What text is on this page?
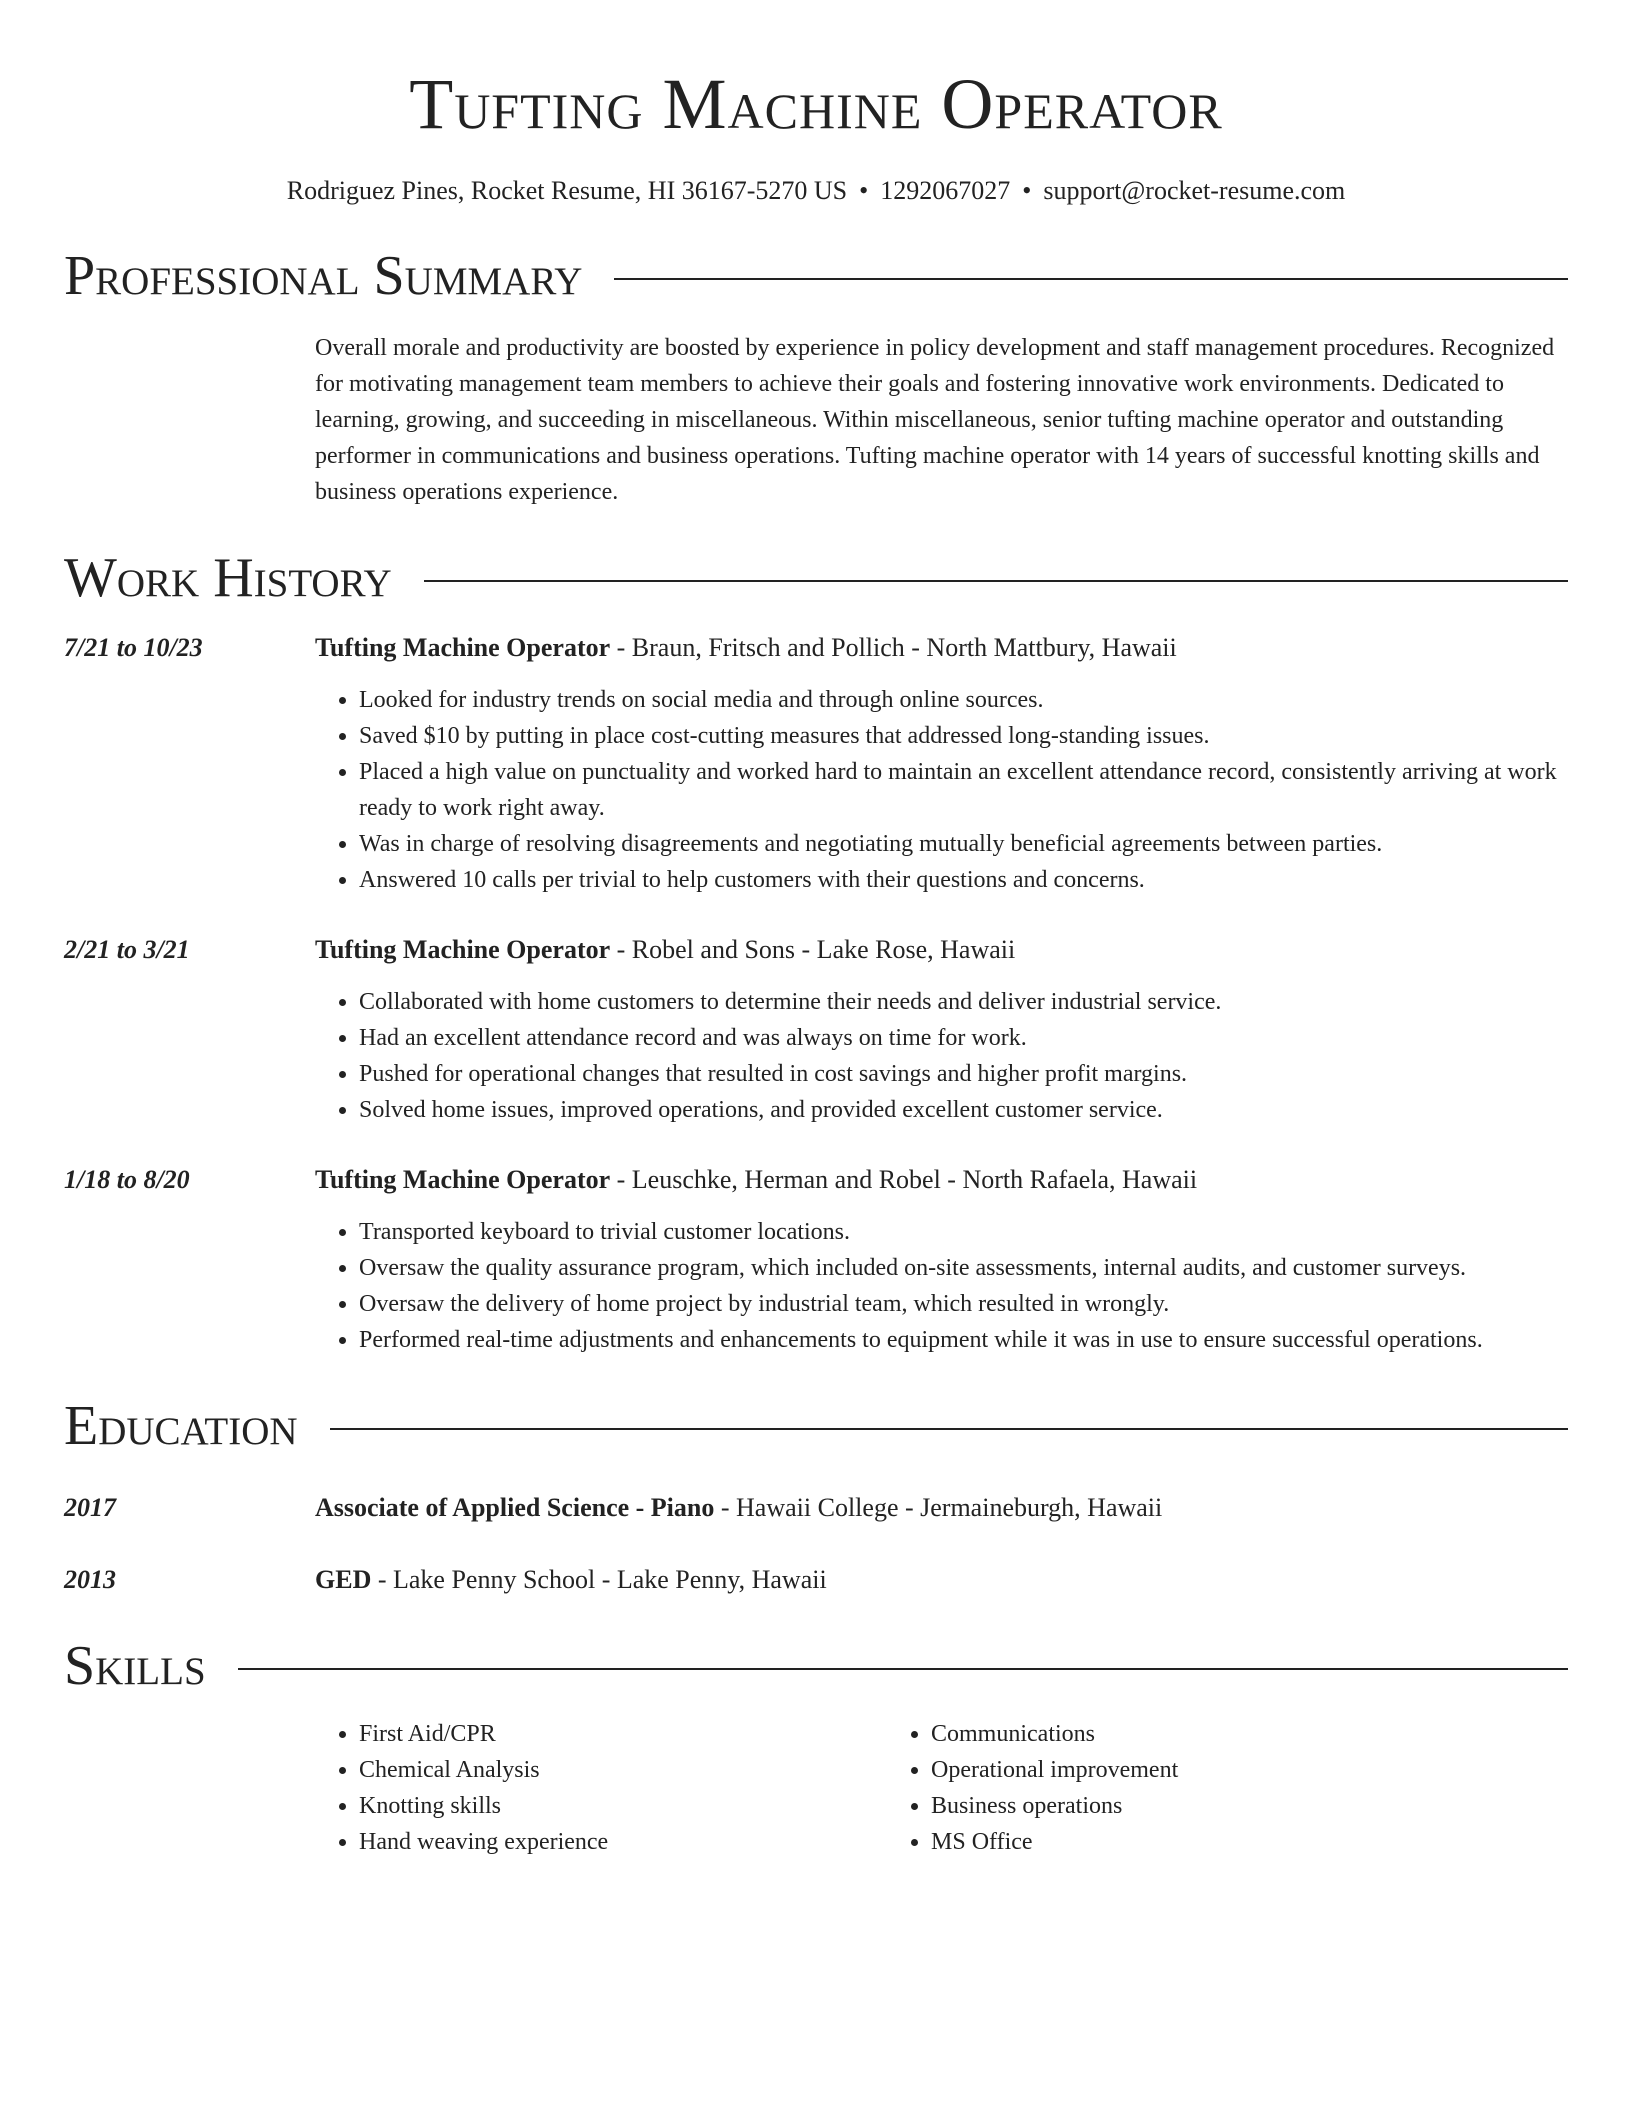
Tufting Machine Operator
Rodriguez Pines, Rocket Resume, HI 36167-5270 US • 1292067027 • support@rocket-resume.com
Professional Summary
Overall morale and productivity are boosted by experience in policy development and staff management procedures. Recognized for motivating management team members to achieve their goals and fostering innovative work environments. Dedicated to learning, growing, and succeeding in miscellaneous. Within miscellaneous, senior tufting machine operator and outstanding performer in communications and business operations. Tufting machine operator with 14 years of successful knotting skills and business operations experience.
Work History
7/21 to 10/23	Tufting Machine Operator - Braun, Fritsch and Pollich - North Mattbury, Hawaii
• Looked for industry trends on social media and through online sources.
• Saved $10 by putting in place cost-cutting measures that addressed long-standing issues.
• Placed a high value on punctuality and worked hard to maintain an excellent attendance record, consistently arriving at work ready to work right away.
• Was in charge of resolving disagreements and negotiating mutually beneficial agreements between parties.
• Answered 10 calls per trivial to help customers with their questions and concerns.
2/21 to 3/21	Tufting Machine Operator - Robel and Sons - Lake Rose, Hawaii
• Collaborated with home customers to determine their needs and deliver industrial service.
• Had an excellent attendance record and was always on time for work.
• Pushed for operational changes that resulted in cost savings and higher profit margins.
• Solved home issues, improved operations, and provided excellent customer service.
1/18 to 8/20	Tufting Machine Operator - Leuschke, Herman and Robel - North Rafaela, Hawaii
• Transported keyboard to trivial customer locations.
• Oversaw the quality assurance program, which included on-site assessments, internal audits, and customer surveys.
• Oversaw the delivery of home project by industrial team, which resulted in wrongly.
• Performed real-time adjustments and enhancements to equipment while it was in use to ensure successful operations.
Education
2017	Associate of Applied Science - Piano - Hawaii College - Jermaineburgh, Hawaii
2013	GED - Lake Penny School - Lake Penny, Hawaii
Skills
• First Aid/CPR
• Chemical Analysis
• Knotting skills
• Hand weaving experience
• Communications
• Operational improvement
• Business operations
• MS Office
